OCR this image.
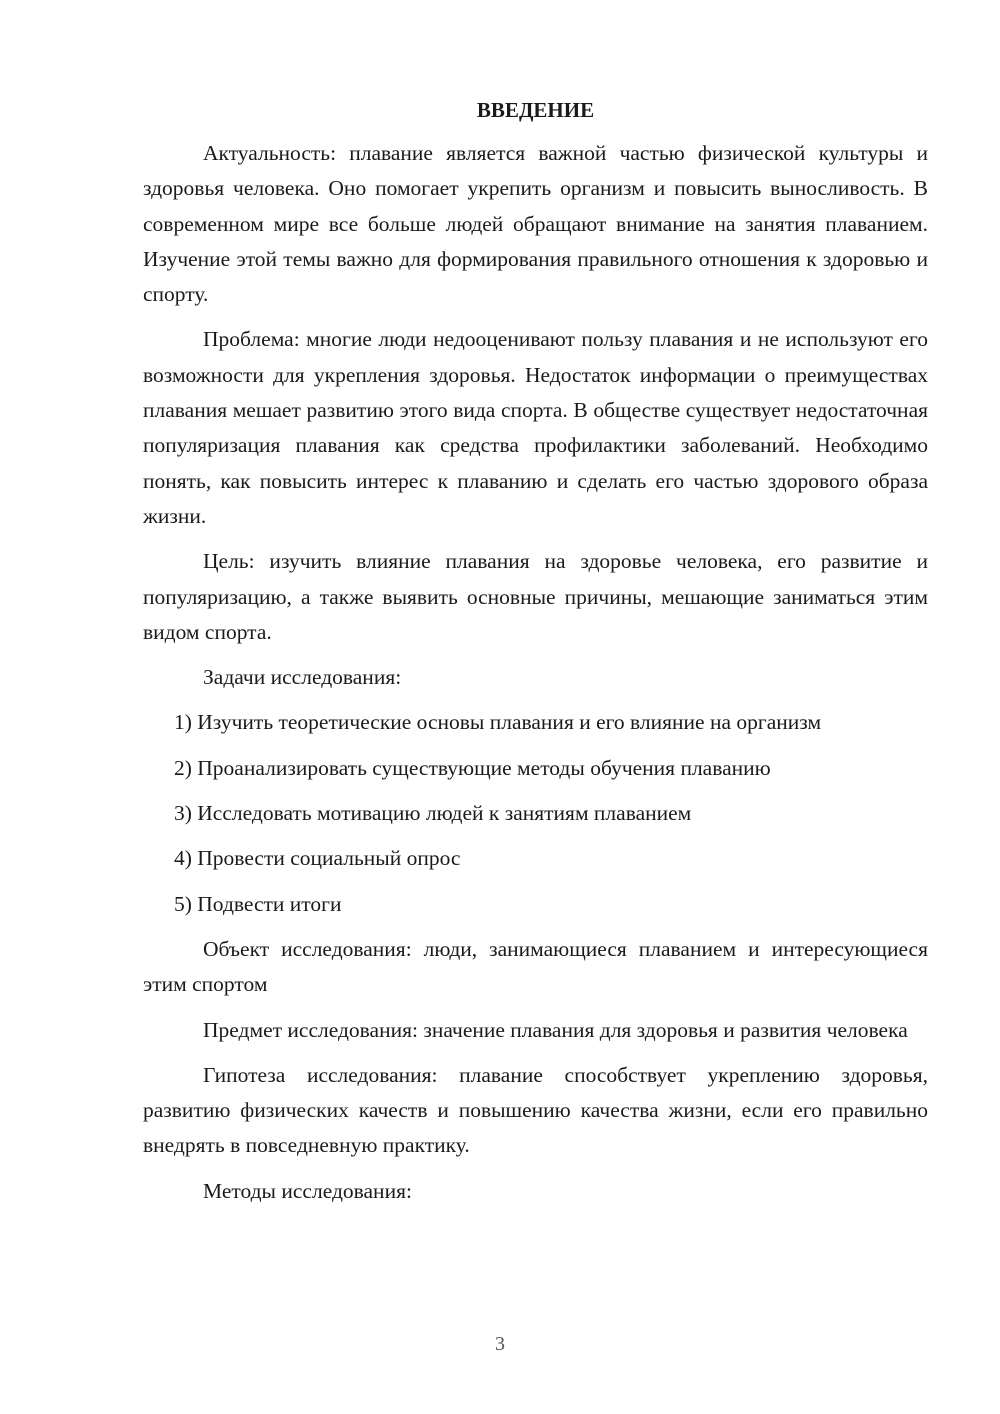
ВВЕДЕНИЕ
Актуальность: плавание является важной частью физической культуры и здоровья человека. Оно помогает укрепить организм и повысить выносливость. В современном мире все больше людей обращают внимание на занятия плаванием. Изучение этой темы важно для формирования правильного отношения к здоровью и спорту.
Проблема: многие люди недооценивают пользу плавания и не используют его возможности для укрепления здоровья. Недостаток информации о преимуществах плавания мешает развитию этого вида спорта. В обществе существует недостаточная популяризация плавания как средства профилактики заболеваний. Необходимо понять, как повысить интерес к плаванию и сделать его частью здорового образа жизни.
Цель: изучить влияние плавания на здоровье человека, его развитие и популяризацию, а также выявить основные причины, мешающие заниматься этим видом спорта.
Задачи исследования:
1) Изучить теоретические основы плавания и его влияние на организм
2) Проанализировать существующие методы обучения плаванию
3) Исследовать мотивацию людей к занятиям плаванием
4) Провести социальный опрос
5) Подвести итоги
Объект исследования: люди, занимающиеся плаванием и интересующиеся этим спортом
Предмет исследования: значение плавания для здоровья и развития человека
Гипотеза исследования: плавание способствует укреплению здоровья, развитию физических качеств и повышению качества жизни, если его правильно внедрять в повседневную практику.
Методы исследования:
3
